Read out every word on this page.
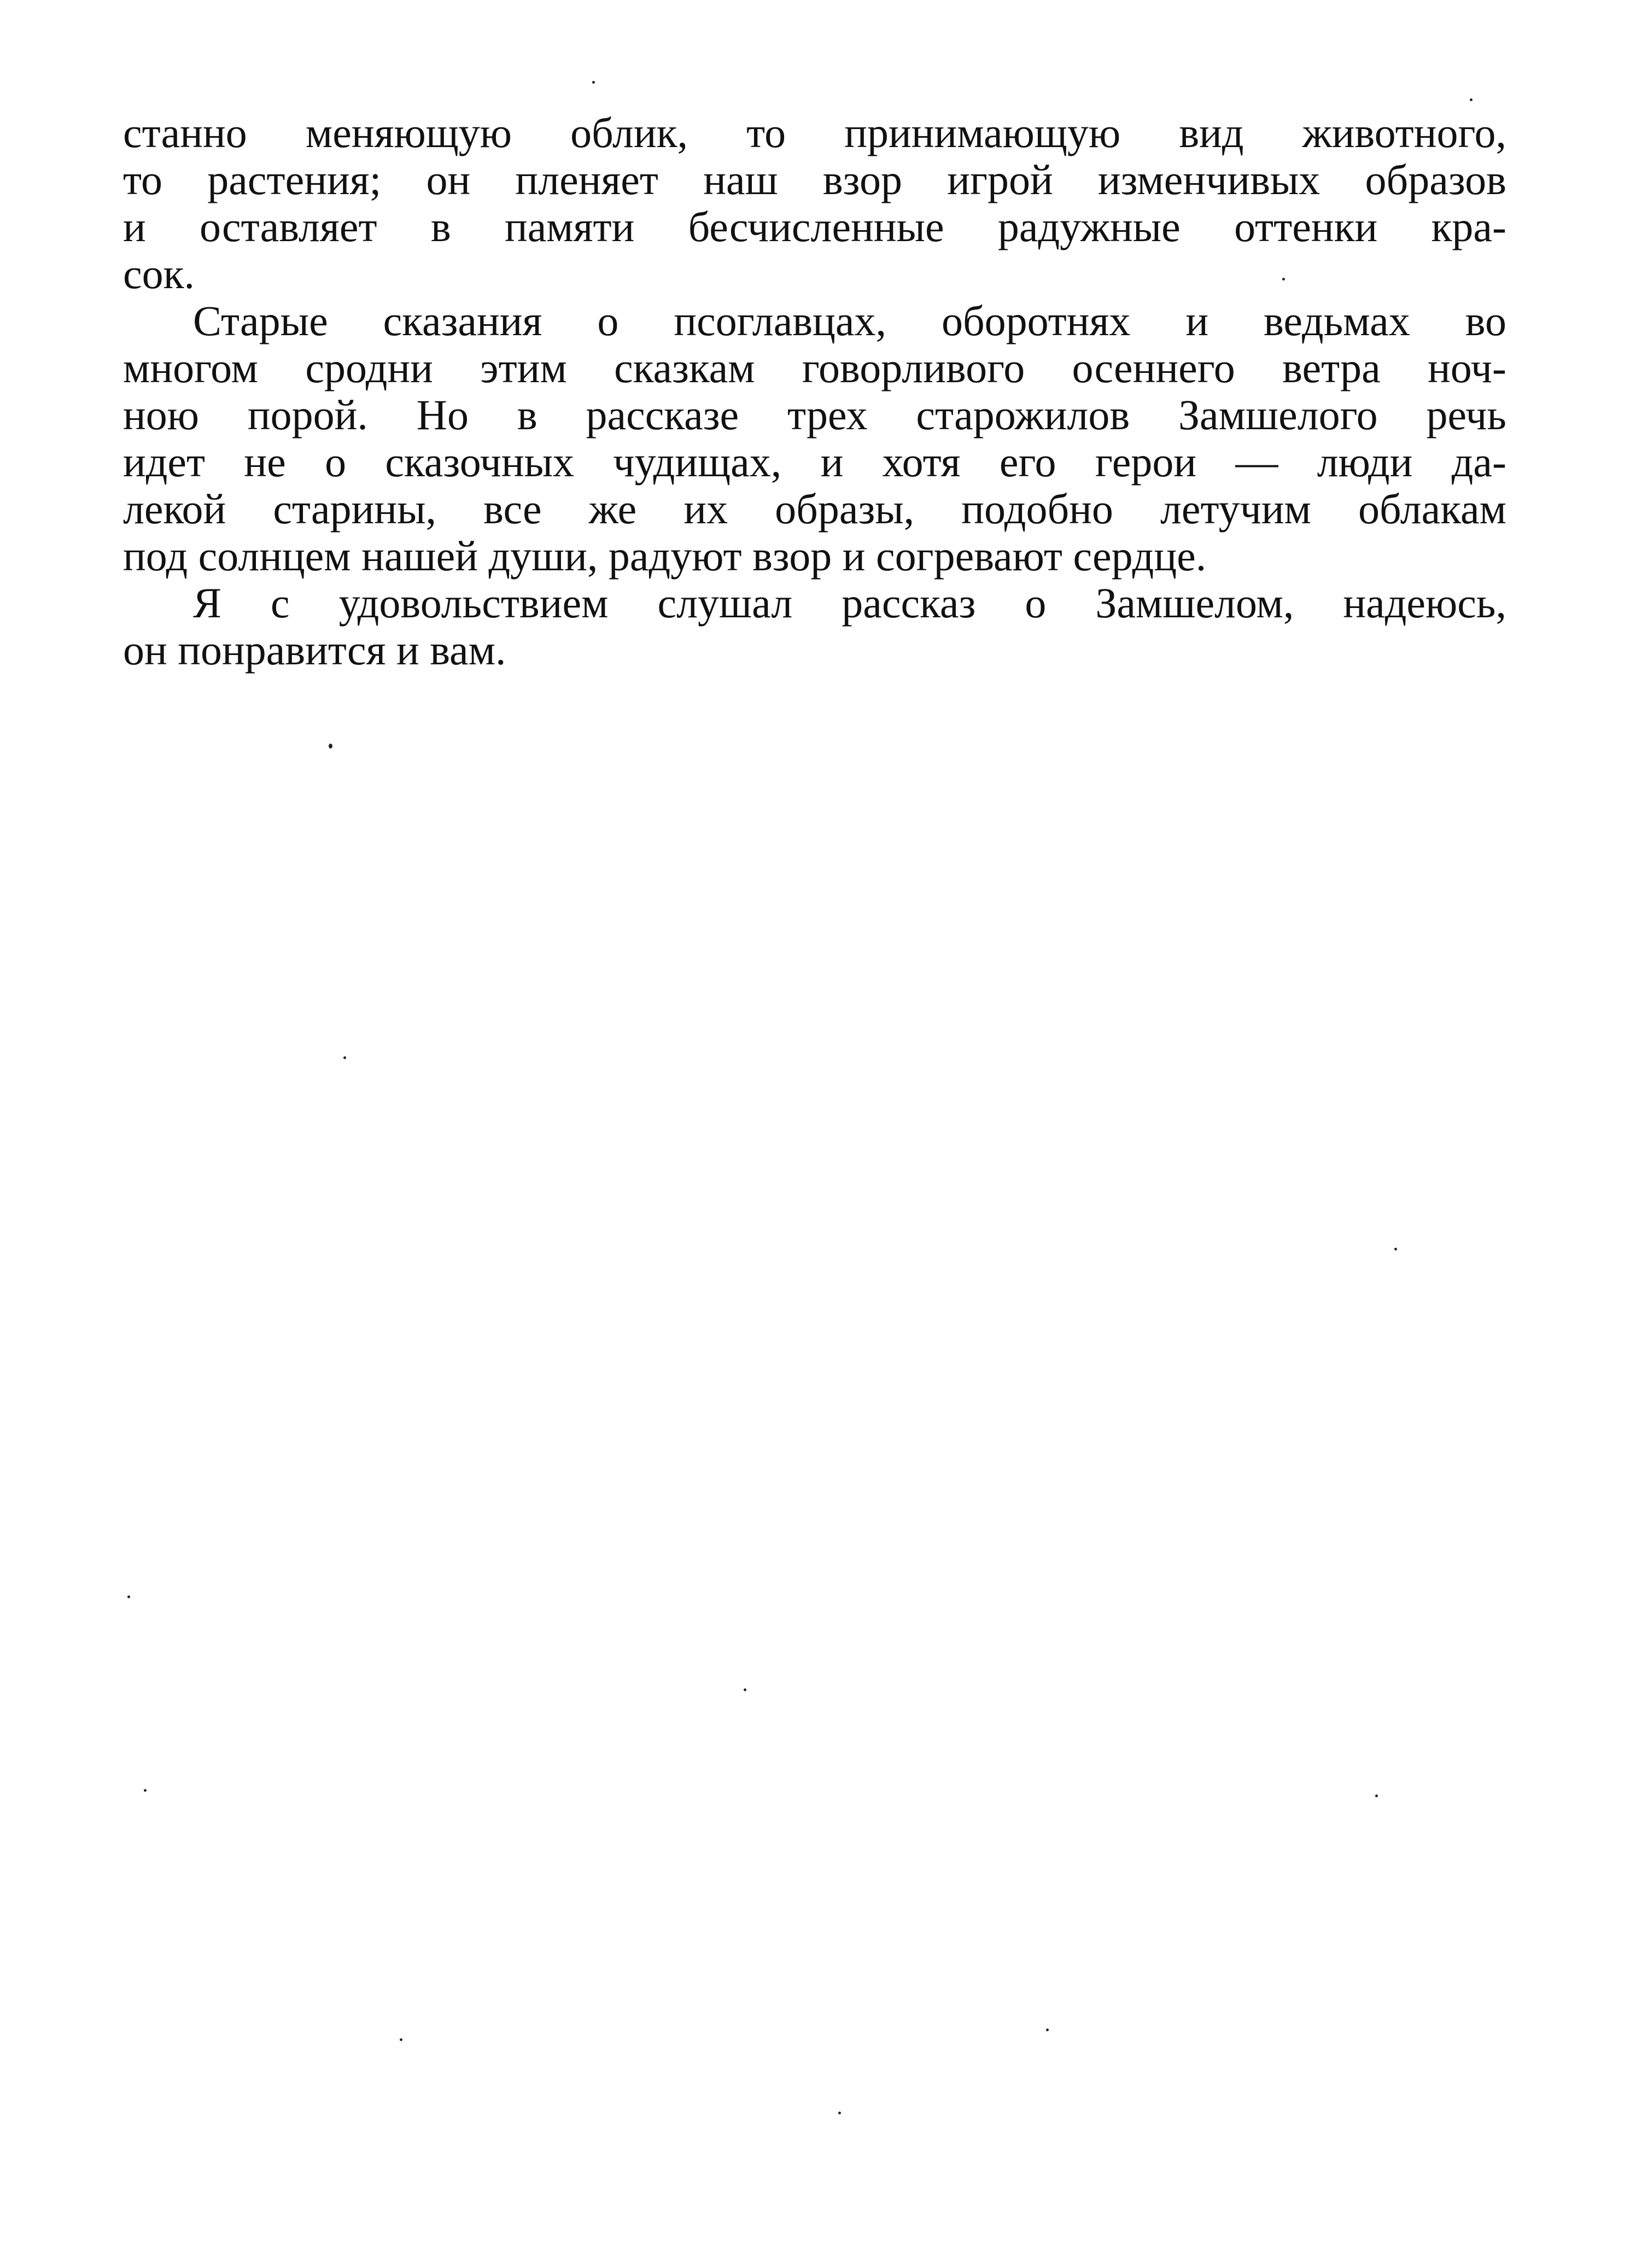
станно меняющую облик, то принимающую вид животного,
то растения; он пленяет наш взор игрой изменчивых образов
и оставляет в памяти бесчисленные радужные оттенки кра-
сок.
Старые сказания о псоглавцах, оборотнях и ведьмах во
многом сродни этим сказкам говорливого осеннего ветра ноч-
ною порой. Но в рассказе трех старожилов Замшелого речь
идет не о сказочных чудищах, и хотя его герои — люди да-
лекой старины, все же их образы, подобно летучим облакам
под солнцем нашей души, радуют взор и согревают сердце.
Я с удовольствием слушал рассказ о Замшелом, надеюсь,
он понравится и вам.
